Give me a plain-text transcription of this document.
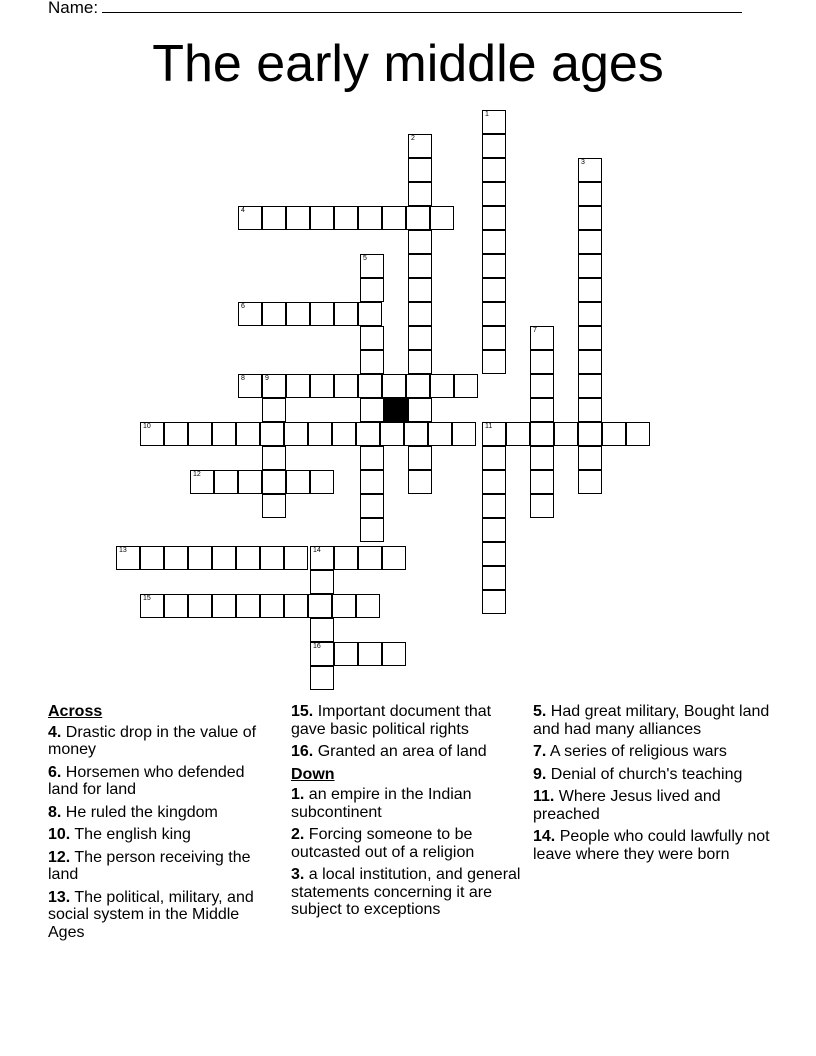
Name:
The early middle ages
1
2
3
4
5
6
7
8	9
10	11
12
13	14
15
16
Across
4. Drastic drop in the value of money
6. Horsemen who defended land for land
8. He ruled the kingdom
10. The english king
12. The person receiving the land
13. The political, military, and social system in the Middle Ages
15. Important document that gave basic political rights
16. Granted an area of land
Down
1. an empire in the Indian subcontinent
2. Forcing someone to be outcasted out of a religion
3. a local institution, and general statements concerning it are subject to exceptions
5. Had great military, Bought land and had many alliances
7. A series of religious wars
9. Denial of church's teaching
11. Where Jesus lived and preached
14. People who could lawfully not leave where they were born
